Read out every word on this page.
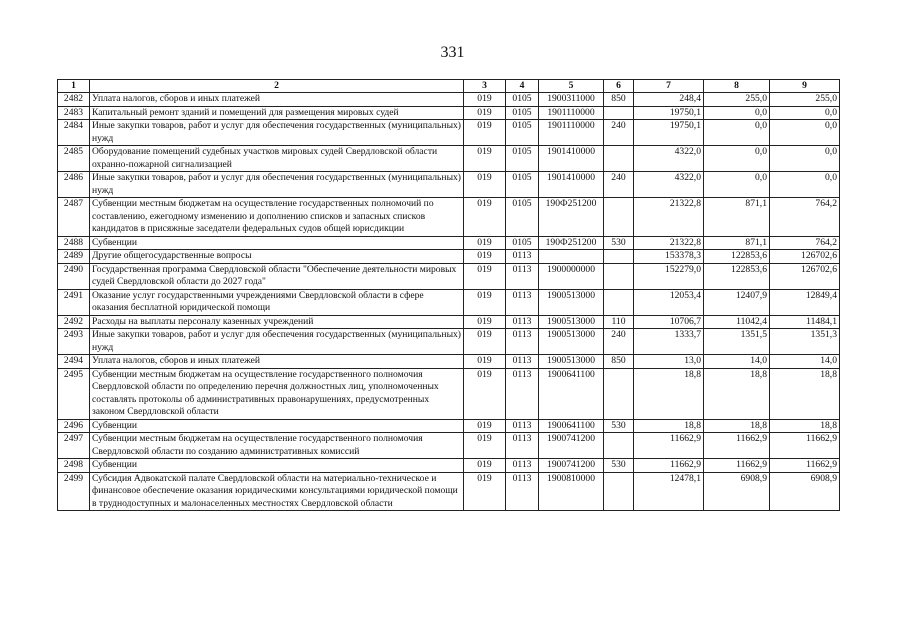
331
1	2	3	4	5	6	7	8	9
2482	Уплата налогов, сборов и иных платежей	019	0105	1900311000	850	248,4	255,0	255,0
2483	Капитальный ремонт зданий и помещений для размещения мировых судей	019	0105	1901110000		19750,1	0,0	0,0
2484	Иные закупки товаров, работ и услуг для обеспечения государственных (муниципальных) нужд	019	0105	1901110000	240	19750,1	0,0	0,0
2485	Оборудование помещений судебных участков мировых судей Свердловской области охранно-пожарной сигнализацией	019	0105	1901410000		4322,0	0,0	0,0
2486	Иные закупки товаров, работ и услуг для обеспечения государственных (муниципальных) нужд	019	0105	1901410000	240	4322,0	0,0	0,0
2487	Субвенции местным бюджетам на осуществление государственных полномочий по составлению, ежегодному изменению и дополнению списков и запасных списков кандидатов в присяжные заседатели федеральных судов общей юрисдикции	019	0105	190Ф251200		21322,8	871,1	764,2
2488	Субвенции	019	0105	190Ф251200	530	21322,8	871,1	764,2
2489	Другие общегосударственные вопросы	019	0113			153378,3	122853,6	126702,6
2490	Государственная программа Свердловской области "Обеспечение деятельности мировых судей Свердловской области до 2027 года"	019	0113	1900000000		152279,0	122853,6	126702,6
2491	Оказание услуг государственными учреждениями Свердловской области в сфере оказания бесплатной юридической помощи	019	0113	1900513000		12053,4	12407,9	12849,4
2492	Расходы на выплаты персоналу казенных учреждений	019	0113	1900513000	110	10706,7	11042,4	11484,1
2493	Иные закупки товаров, работ и услуг для обеспечения государственных (муниципальных) нужд	019	0113	1900513000	240	1333,7	1351,5	1351,3
2494	Уплата налогов, сборов и иных платежей	019	0113	1900513000	850	13,0	14,0	14,0
2495	Субвенции местным бюджетам на осуществление государственного полномочия Свердловской области по определению перечня должностных лиц, уполномоченных составлять протоколы об административных правонарушениях, предусмотренных законом Свердловской области	019	0113	1900641100		18,8	18,8	18,8
2496	Субвенции	019	0113	1900641100	530	18,8	18,8	18,8
2497	Субвенции местным бюджетам на осуществление государственного полномочия Свердловской области по созданию административных комиссий	019	0113	1900741200		11662,9	11662,9	11662,9
2498	Субвенции	019	0113	1900741200	530	11662,9	11662,9	11662,9
2499	Субсидия Адвокатской палате Свердловской области на материально-техническое и финансовое обеспечение оказания юридическими консультациями юридической помощи в труднодоступных и малонаселенных местностях Свердловской области	019	0113	1900810000		12478,1	6908,9	6908,9
